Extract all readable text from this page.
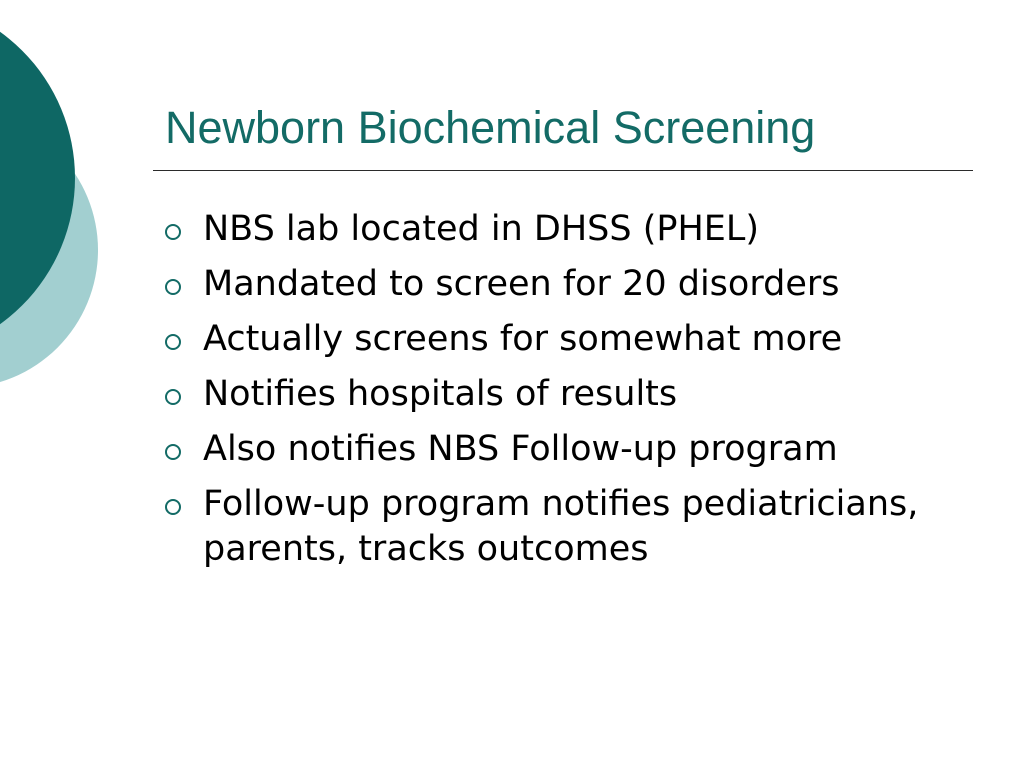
Newborn Biochemical Screening
NBS lab located in DHSS (PHEL)
Mandated to screen for 20 disorders
Actually screens for somewhat more
Notifies hospitals of results
Also notifies NBS Follow-up program
Follow-up program notifies pediatricians, parents, tracks outcomes
